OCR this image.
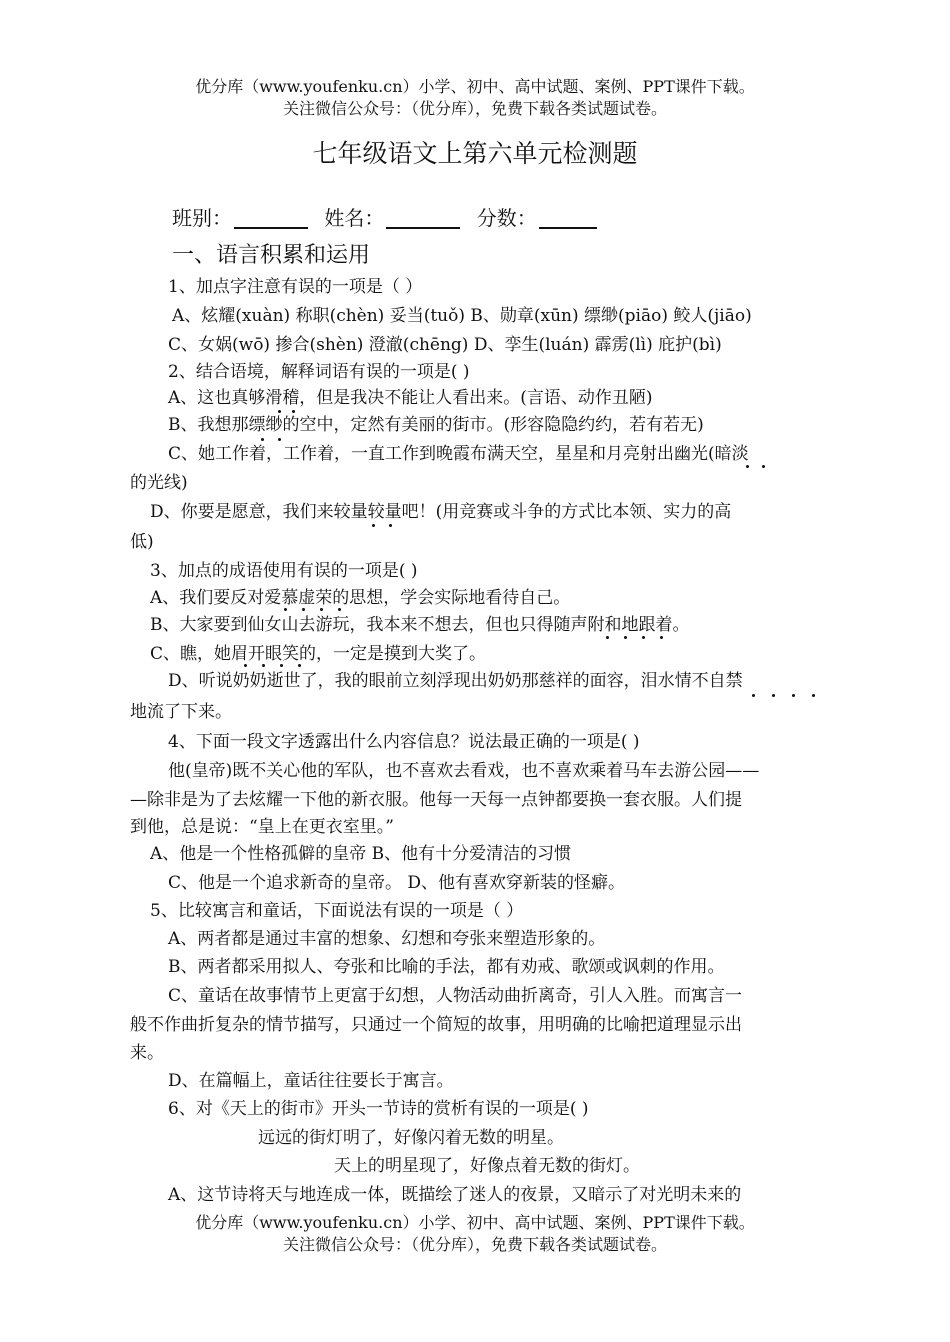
优分库（www.youfenku.cn）小学、初中、高中试题、案例、PPT课件下载。
关注微信公众号：（优分库），免费下载各类试题试卷。
七年级语文上第六单元检测题
班别：	姓名：	分数：
一、语言积累和运用
1、加点字注意有误的一项是（ ）
A、炫耀(xuàn) 称职(chèn) 妥当(tuǒ) B、勋章(xūn) 缥缈(piāo) 鲛人(jiāo)
C、女娲(wō) 掺合(shèn) 澄澈(chēng) D、孪生(luán) 霹雳(lì) 庇护(bì)
2、结合语境，解释词语有误的一项是( )
A、这也真够滑稽，但是我决不能让人看出来。(言语、动作丑陋)
B、我想那缥缈的空中，定然有美丽的街市。(形容隐隐约约，若有若无)
C、她工作着，工作着，一直工作到晚霞布满天空，星星和月亮射出幽光(暗淡
的光线)
D、你要是愿意，我们来较量较量吧！(用竞赛或斗争的方式比本领、实力的高
低)
3、加点的成语使用有误的一项是( )
A、我们要反对爱慕虚荣的思想，学会实际地看待自己。
B、大家要到仙女山去游玩，我本来不想去，但也只得随声附和地跟着。
C、瞧，她眉开眼笑的，一定是摸到大奖了。
D、听说奶奶逝世了，我的眼前立刻浮现出奶奶那慈祥的面容，泪水情不自禁
地流了下来。
4、下面一段文字透露出什么内容信息？说法最正确的一项是( )
他(皇帝)既不关心他的军队，也不喜欢去看戏，也不喜欢乘着马车去游公园——
—除非是为了去炫耀一下他的新衣服。他每一天每一点钟都要换一套衣服。人们提
到他，总是说：“皇上在更衣室里。”
A、他是一个性格孤僻的皇帝 B、他有十分爱清洁的习惯
C、他是一个追求新奇的皇帝。 D、他有喜欢穿新装的怪癖。
5、比较寓言和童话，下面说法有误的一项是（ ）
A、两者都是通过丰富的想象、幻想和夸张来塑造形象的。
B、两者都采用拟人、夸张和比喻的手法，都有劝戒、歌颂或讽刺的作用。
C、童话在故事情节上更富于幻想，人物活动曲折离奇，引人入胜。而寓言一
般不作曲折复杂的情节描写，只通过一个简短的故事，用明确的比喻把道理显示出
来。
D、在篇幅上，童话往往要长于寓言。
6、对《天上的街市》开头一节诗的赏析有误的一项是( )
远远的街灯明了，好像闪着无数的明星。
天上的明星现了，好像点着无数的街灯。
A、这节诗将天与地连成一体，既描绘了迷人的夜景，又暗示了对光明未来的
优分库（www.youfenku.cn）小学、初中、高中试题、案例、PPT课件下载。
关注微信公众号：（优分库），免费下载各类试题试卷。
